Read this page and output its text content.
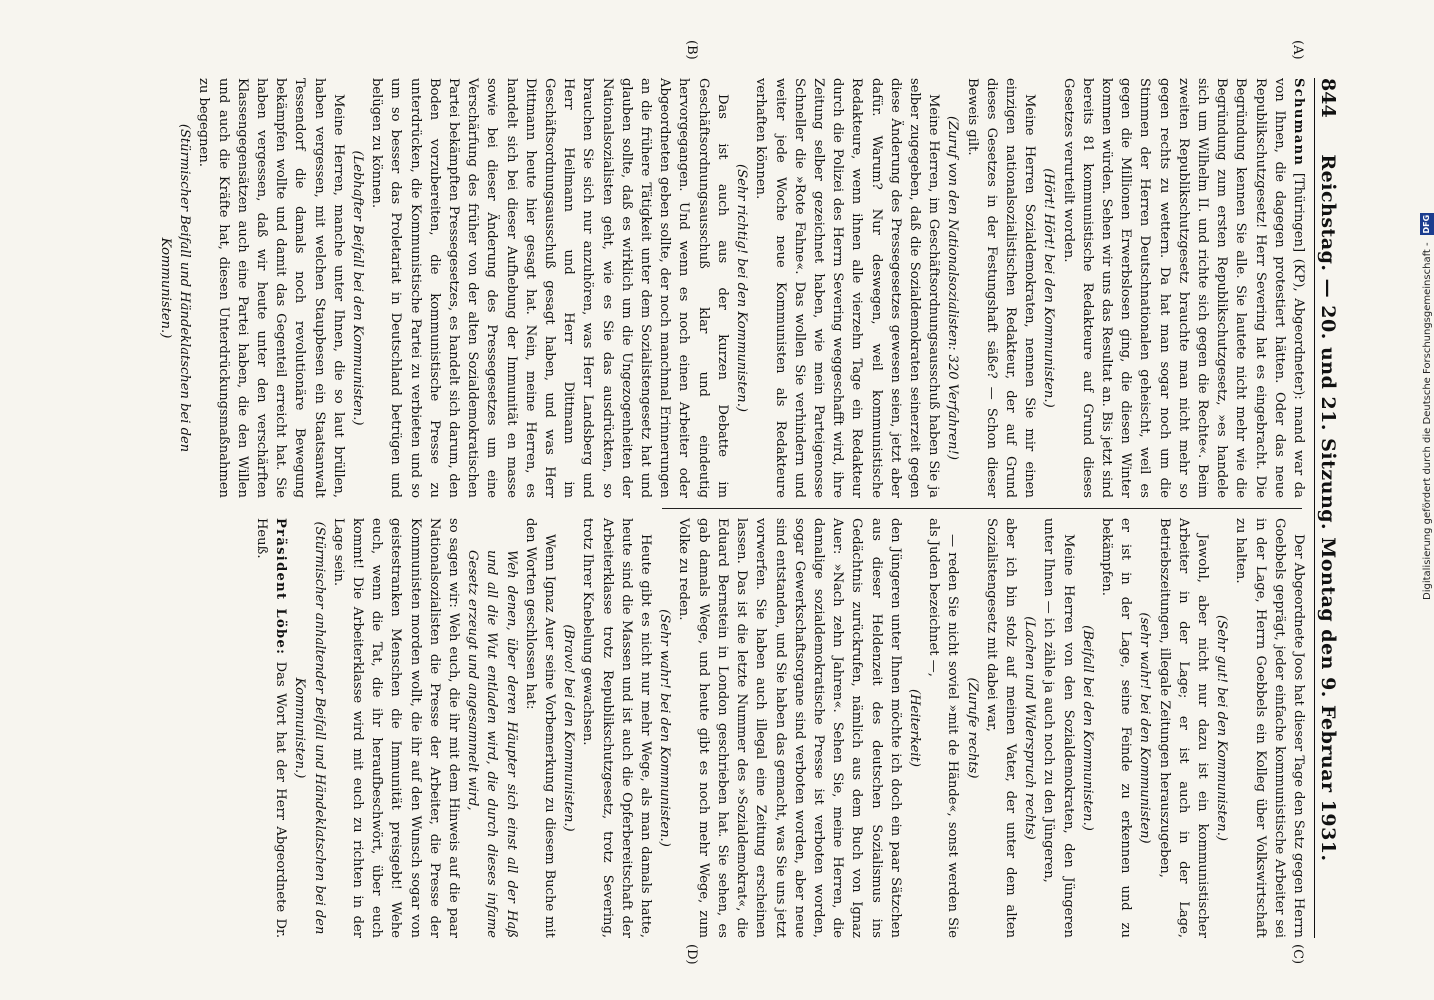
844
Reichstag. — 20. und 21. Sitzung. Montag den 9. Februar 1931.

Schumann [Thüringen] (KP), Abgeordneter): mand war da von Ihnen, die dagegen protestiert hätten. Oder das neue Republikschutzgesetz! Herr Severing hat es eingebracht. Die Begründung kennen Sie alle. Sie lautete nicht mehr wie die Begründung zum ersten Republikschutzgesetz, »es handele sich um Wilhelm II. und richte sich gegen die Rechte«. Beim zweiten Republikschutzgesetz brauchte man nicht mehr so gegen rechts zu wettern. Da hat man sogar noch um die Stimmen der Herren Deutschnationalen geheischt, weil es gegen die Millionen Erwerbslosen ging, die diesen Winter kommen würden. Sehen wir uns das Resultat an. Bis jetzt sind bereits 81 kommunistische Redakteure auf Grund dieses Gesetzes verurteilt worden.

(Hört! Hört! bei den Kommunisten.)

Meine Herren Sozialdemokraten, nennen Sie mir einen einzigen nationalsozialistischen Redakteur, der auf Grund dieses Gesetzes in der Festungshaft säße? — Schon dieser Beweis gilt.

(Zuruf von den Nationalsozialisten: 320 Verfahren!)

Meine Herren, im Geschäftsordnungsausschuß haben Sie ja selber zugegeben, daß die Sozialdemokraten seinerzeit gegen diese Änderung des Pressegesetzes gewesen seien, jetzt aber dafür. Warum? Nur deswegen, weil kommunistische Redakteure, wenn ihnen alle vierzehn Tage ein Redakteur durch die Polizei des Herrn Severing weggeschafft wird, ihre Zeitung selber gezeichnet haben, wie mein Parteigenosse Schneller die »Rote Fahne«. Das wollen Sie verhindern und weiter jede Woche neue Kommunisten als Redakteure verhaften können.

(Sehr richtig! bei den Kommunisten.)

Das ist auch aus der kurzen Debatte im Geschäftsordnungsausschuß klar und eindeutig hervorgegangen. Und wenn es noch einen Arbeiter oder Abgeordneten geben sollte, der noch manchmal Erinnerungen an die frühere Tätigkeit unter dem Sozialistengesetz hat und glauben sollte, daß es wirklich um die Ungezogenheiten der Nationalsozialisten geht, wie es Sie das ausdrückten, so brauchen Sie sich nur anzuhören, was Herr Landsberg und Herr Heilmann und Herr Dittmann im Geschäftsordnungsausschuß gesagt haben, und was Herr Dittmann heute hier gesagt hat. Nein, meine Herren, es handelt sich bei dieser Aufhebung der Immunität en masse sowie bei dieser Änderung des Pressegesetzes um eine Verschärfung des früher von der alten Sozialdemokratischen Partei bekämpften Pressegesetzes, es handelt sich darum, den Boden vorzubereiten, die kommunistische Presse zu unterdrücken, die Kommunistische Partei zu verbieten und so um so besser das Proletariat in Deutschland betrügen und belügen zu können.

(Lebhafter Beifall bei den Kommunisten.)

Meine Herren, manche unter Ihnen, die so laut brüllen, haben vergessen, mit welchen Staupbesen ein Staatsanwalt Tessendorf die damals noch revolutionäre Bewegung bekämpfen wollte und damit das Gegenteil erreicht hat. Sie haben vergessen, daß wir heute unter den verschärften Klassengegensätzen auch eine Partei haben, die den Willen und auch die Kräfte hat, diesen Unterdrückungsmaßnahmen zu begegnen.

(Stürmischer Beifall und Händeklatschen bei den Kommunisten.)

Der Abgeordnete Joos hat dieser Tage den Satz gegen Herrn Goebbels geprägt, jeder einfache kommunistische Arbeiter sei in der Lage, Herrn Goebbels ein Kolleg über Volkswirtschaft zu halten.

(Sehr gut! bei den Kommunisten.)

Jawohl, aber nicht nur dazu ist ein kommunistischer Arbeiter in der Lage; er ist auch in der Lage, Betriebszeitungen, illegale Zeitungen herauszugeben,

(sehr wahr! bei den Kommunisten)

er ist in der Lage, seine Feinde zu erkennen und zu bekämpfen.

(Beifall bei den Kommunisten.)

Meine Herren von den Sozialdemokraten, den Jüngeren unter Ihnen — ich zähle ja auch noch zu den Jüngeren,

(Lachen und Widerspruch rechts)

aber ich bin stolz auf meinen Vater, der unter dem alten Sozialistengesetz mit dabei war,

(Zurufe rechts)

— reden Sie nicht soviel »mit de Hände«, sonst werden Sie als Juden bezeichnet —,

(Heiterkeit)

den Jüngeren unter Ihnen möchte ich doch ein paar Sätzchen aus dieser Heldenzeit des deutschen Sozialismus ins Gedächtnis zurückrufen, nämlich aus dem Buch von Ignaz Auer: »Nach zehn Jahren«. Sehen Sie, meine Herren, die damalige sozialdemokratische Presse ist verboten worden, sogar Gewerkschaftsorgane sind verboten worden, aber neue sind entstanden, und Sie haben das gemacht, was Sie uns jetzt vorwerfen. Sie haben auch illegal eine Zeitung erscheinen lassen. Das ist die letzte Nummer des »Sozialdemokrat«, die Eduard Bernstein in London geschrieben hat. Sie sehen, es gab damals Wege, und heute gibt es noch mehr Wege, zum Volke zu reden.

(Sehr wahr! bei den Kommunisten.)

Heute gibt es nicht nur mehr Wege, als man damals hatte, heute sind die Massen und ist auch die Opferbereitschaft der Arbeiterklasse trotz Republikschutzgesetz, trotz Severing, trotz Ihrer Knebelung gewachsen.

(Bravo! bei den Kommunisten.)

Wenn Ignaz Auer seine Vorbemerkung zu diesem Buche mit den Worten geschlossen hat:

Weh denen, über deren Häupter sich einst all der Haß und all die Wut entladen wird, die durch dieses infame Gesetz erzeugt und angesammelt wird,

so sagen wir: Weh euch, die ihr mit dem Hinweis auf die paar Nationalsozialisten die Presse der Arbeiter, die Presse der Kommunisten morden wollt, die ihr auf den Wunsch sogar von geistestranken Menschen die Immunität preisgebt! Wehe euch, wenn die Tat, die ihr heraufbeschwört, über euch kommt! Die Arbeiterklasse wird mit euch zu richten in der Lage sein.

(Stürmischer anhaltender Beifall und Händeklatschen bei den Kommunisten.)

Präsident Löbe: Das Wort hat der Herr Abgeordnete Dr. Heuß.

(A)
(B)
(C)
(D)
Digitalisierung gefördert durch die Deutsche Forschungsgemeinschaft - DFG
